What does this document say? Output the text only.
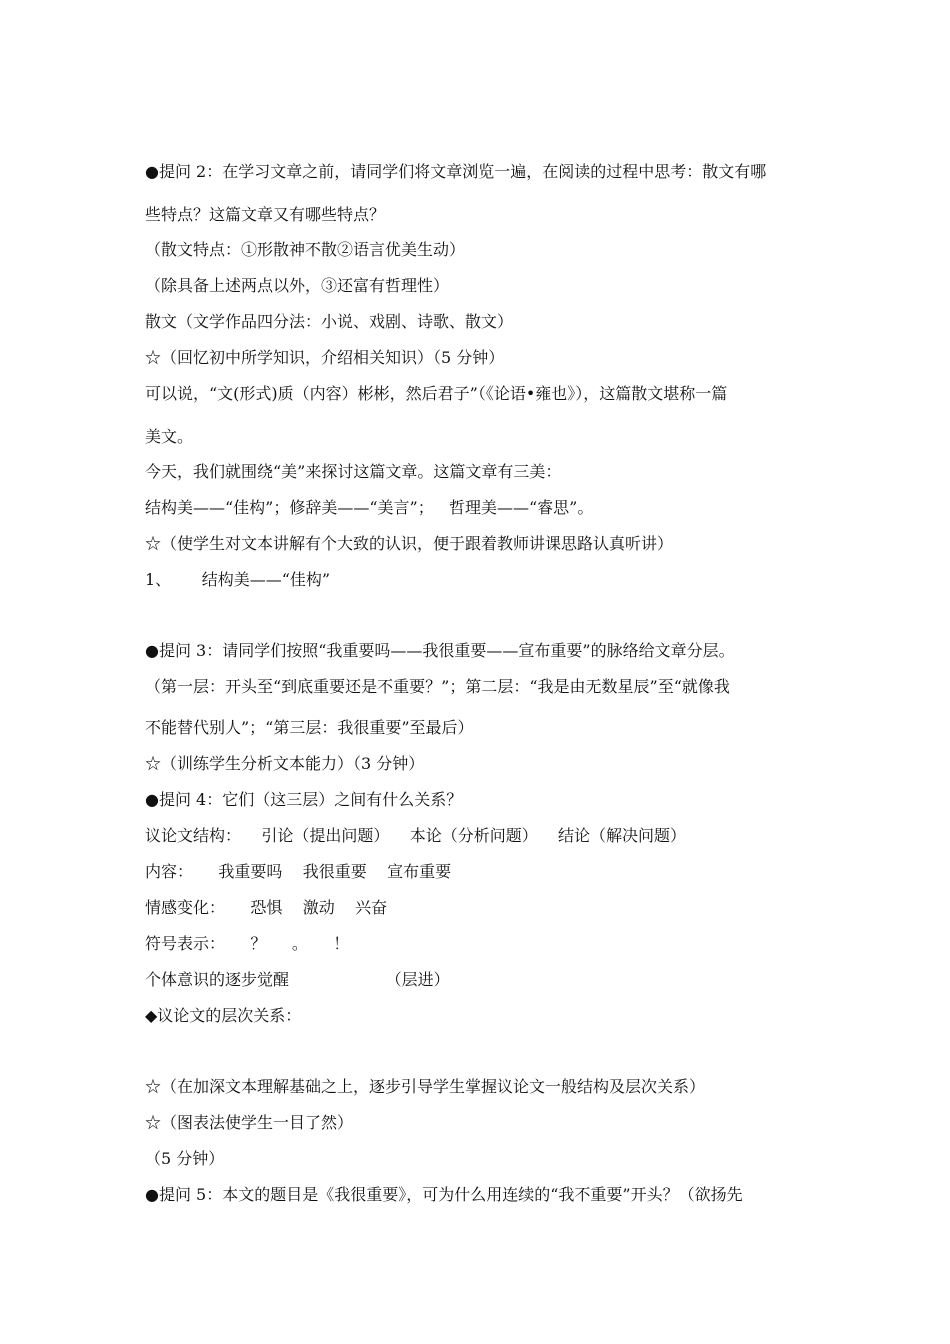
●提问 2：在学习文章之前，请同学们将文章浏览一遍，在阅读的过程中思考：散文有哪
些特点？这篇文章又有哪些特点？
（散文特点：①形散神不散②语言优美生动）
（除具备上述两点以外，③还富有哲理性）
散文（文学作品四分法：小说、戏剧、诗歌、散文）
☆（回忆初中所学知识，介绍相关知识）（5 分钟）
可以说，“文(形式)质（内容）彬彬，然后君子”（《论语•雍也》），这篇散文堪称一篇
美文。
今天，我们就围绕“美”来探讨这篇文章。这篇文章有三美：
结构美——“佳构”；修辞美——“美言”；   哲理美——“睿思”。
☆（使学生对文本讲解有个大致的认识，便于跟着教师讲课思路认真听讲）
1、      结构美——“佳构”
●提问 3：请同学们按照“我重要吗——我很重要——宣布重要”的脉络给文章分层。
（第一层：开头至“到底重要还是不重要？”；第二层：“我是由无数星辰”至“就像我
不能替代别人”；“第三层：我很重要”至最后）
☆（训练学生分析文本能力）（3 分钟）
●提问 4：它们（这三层）之间有什么关系？
议论文结构：    引论（提出问题）    本论（分析问题）    结论（解决问题）
内容：     我重要吗    我很重要    宣布重要
情感变化：     恐惧    激动    兴奋
符号表示：     ？     。     ！
个体意识的逐步觉醒                   （层进）
◆议论文的层次关系：
☆（在加深文本理解基础之上，逐步引导学生掌握议论文一般结构及层次关系）
☆（图表法使学生一目了然）
（5 分钟）
●提问 5：本文的题目是《我很重要》，可为什么用连续的“我不重要”开头？（欲扬先
